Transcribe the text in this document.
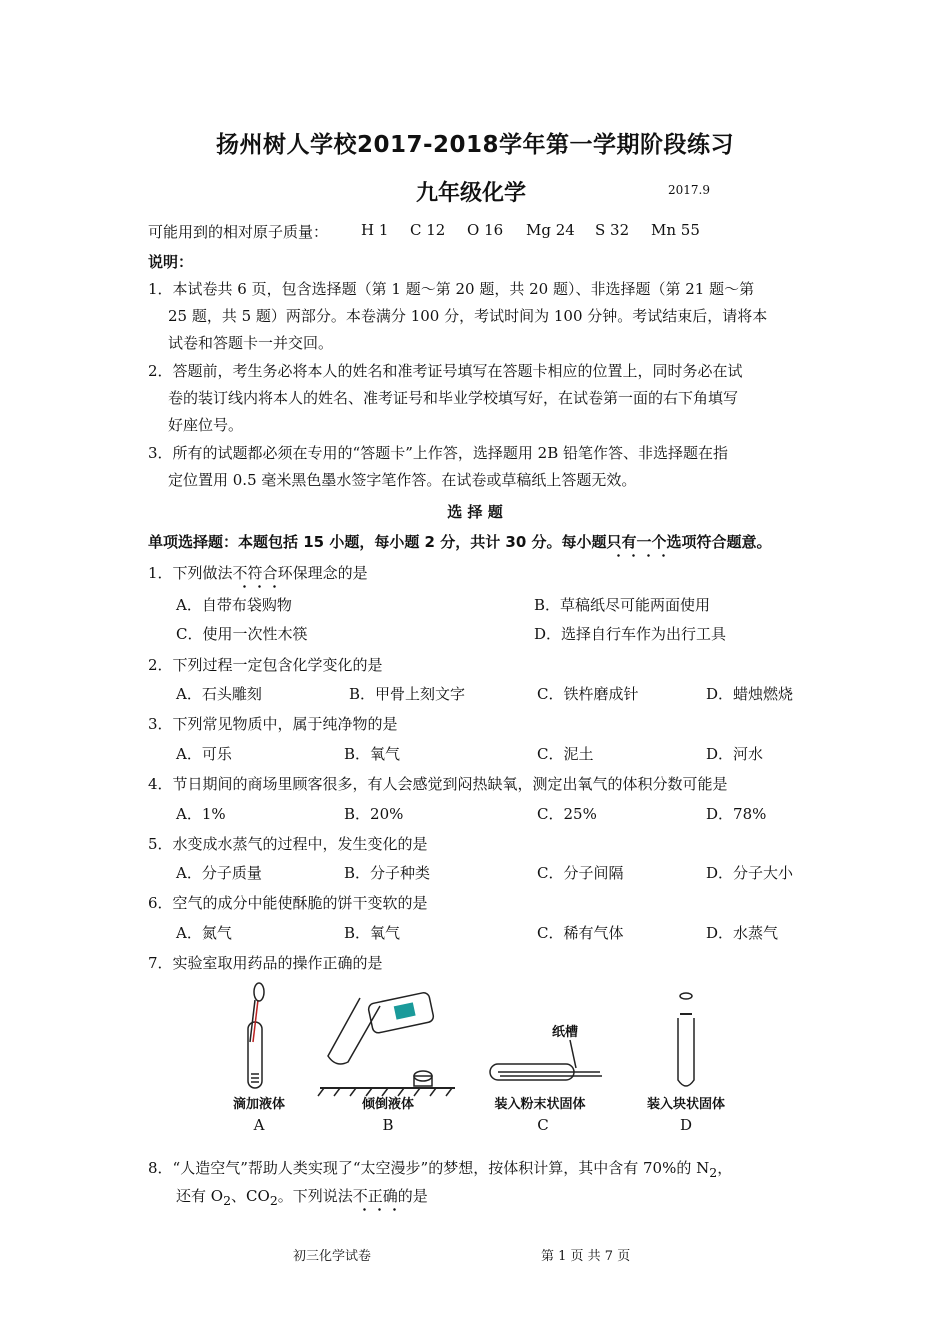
扬州树人学校2017-2018学年第一学期阶段练习
九年级化学	2017.9
可能用到的相对原子质量： H 1 C 12 O 16 Mg 24 S 32 Mn 55
说明：
1．本试卷共 6 页，包含选择题（第 1 题～第 20 题，共 20 题）、非选择题（第 21 题～第
25 题，共 5 题）两部分。本卷满分 100 分，考试时间为 100 分钟。考试结束后，请将本
试卷和答题卡一并交回。
2．答题前，考生务必将本人的姓名和准考证号填写在答题卡相应的位置上，同时务必在试
卷的装订线内将本人的姓名、准考证号和毕业学校填写好，在试卷第一面的右下角填写
好座位号。
3．所有的试题都必须在专用的“答题卡”上作答，选择题用 2B 铅笔作答、非选择题在指
定位置用 0.5 毫米黑色墨水签字笔作答。在试卷或草稿纸上答题无效。
选 择 题
单项选择题：本题包括 15 小题，每小题 2 分，共计 30 分。每小题只有一个选项符合题意。
1．下列做法不符合环保理念的是
A．自带布袋购物	B．草稿纸尽可能两面使用
C．使用一次性木筷	D．选择自行车作为出行工具
2．下列过程一定包含化学变化的是
A．石头雕刻	B．甲骨上刻文字	C．铁杵磨成针	D．蜡烛燃烧
3．下列常见物质中，属于纯净物的是
A．可乐	B．氧气	C．泥土	D．河水
4．节日期间的商场里顾客很多，有人会感觉到闷热缺氧，测定出氧气的体积分数可能是
A．1%	B．20%	C．25%	D．78%
5．水变成水蒸气的过程中，发生变化的是
A．分子质量	B．分子种类	C．分子间隔	D．分子大小
6．空气的成分中能使酥脆的饼干变软的是
A．氮气	B．氧气	C．稀有气体	D．水蒸气
7．实验室取用药品的操作正确的是
纸槽
滴加液体	倾倒液体	装入粉末状固体	装入块状固体
A	B	C	D
8．“人造空气”帮助人类实现了“太空漫步”的梦想，按体积计算，其中含有 70%的 $N_2$，
还有 $O_2$、$CO_2$。下列说法不正确的是
初三化学试卷	第 1 页 共 7 页
